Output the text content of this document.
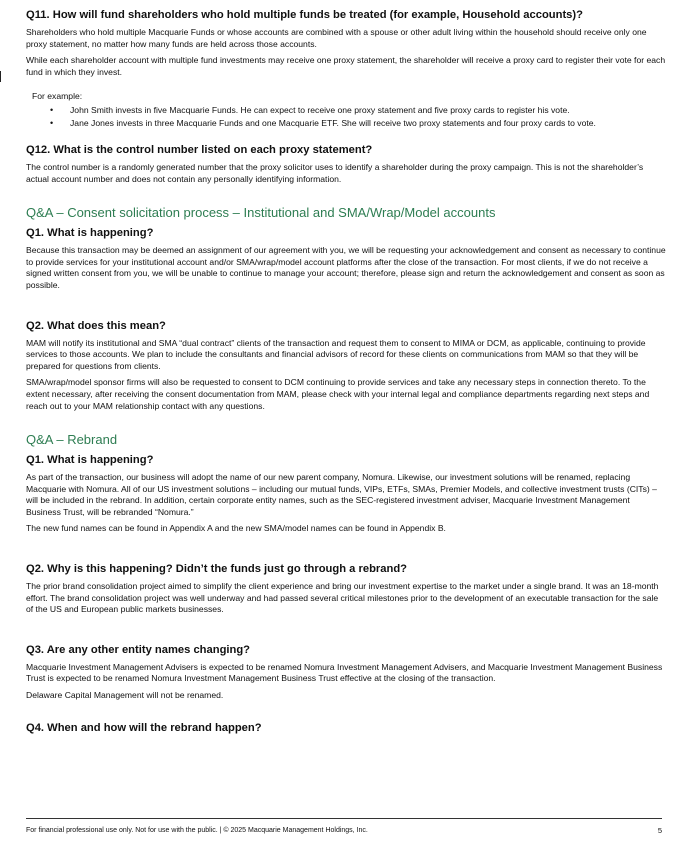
Q11. How will fund shareholders who hold multiple funds be treated (for example, Household accounts)?
Shareholders who hold multiple Macquarie Funds or whose accounts are combined with a spouse or other adult living within the household should receive only one proxy statement, no matter how many funds are held across those accounts.
While each shareholder account with multiple fund investments may receive one proxy statement, the shareholder will receive a proxy card to register their vote for each fund in which they invest.
For example:
• John Smith invests in five Macquarie Funds. He can expect to receive one proxy statement and five proxy cards to register his vote.
• Jane Jones invests in three Macquarie Funds and one Macquarie ETF. She will receive two proxy statements and four proxy cards to vote.
Q12. What is the control number listed on each proxy statement?
The control number is a randomly generated number that the proxy solicitor uses to identify a shareholder during the proxy campaign. This is not the shareholder’s actual account number and does not contain any personally identifying information.
Q&A – Consent solicitation process – Institutional and SMA/Wrap/Model accounts
Q1. What is happening?
Because this transaction may be deemed an assignment of our agreement with you, we will be requesting your acknowledgement and consent as necessary to continue to provide services for your institutional account and/or SMA/wrap/model account platforms after the close of the transaction. For most clients, if we do not receive a signed written consent from you, we will be unable to continue to manage your account; therefore, please sign and return the acknowledgement and consent as soon as possible.
Q2. What does this mean?
MAM will notify its institutional and SMA “dual contract” clients of the transaction and request them to consent to MIMA or DCM, as applicable, continuing to provide services to those accounts. We plan to include the consultants and financial advisors of record for these clients on communications from MAM so that they will be prepared for questions from clients.
SMA/wrap/model sponsor firms will also be requested to consent to DCM continuing to provide services and take any necessary steps in connection thereto. To the extent necessary, after receiving the consent documentation from MAM, please check with your internal legal and compliance departments regarding next steps and reach out to your MAM relationship contact with any questions.
Q&A – Rebrand
Q1. What is happening?
As part of the transaction, our business will adopt the name of our new parent company, Nomura. Likewise, our investment solutions will be renamed, replacing Macquarie with Nomura. All of our US investment solutions – including our mutual funds, VIPs, ETFs, SMAs, Premier Models, and collective investment trusts (CITs) – will be included in the rebrand. In addition, certain corporate entity names, such as the SEC-registered investment adviser, Macquarie Investment Management Business Trust, will be rebranded “Nomura.”
The new fund names can be found in Appendix A and the new SMA/model names can be found in Appendix B.
Q2. Why is this happening? Didn’t the funds just go through a rebrand?
The prior brand consolidation project aimed to simplify the client experience and bring our investment expertise to the market under a single brand. It was an 18-month effort. The brand consolidation project was well underway and had passed several critical milestones prior to the development of an executable transaction for the sale of the US and European public markets businesses.
Q3. Are any other entity names changing?
Macquarie Investment Management Advisers is expected to be renamed Nomura Investment Management Advisers, and Macquarie Investment Management Business Trust is expected to be renamed Nomura Investment Management Business Trust effective at the closing of the transaction.
Delaware Capital Management will not be renamed.
Q4. When and how will the rebrand happen?
For financial professional use only. Not for use with the public. | © 2025 Macquarie Management Holdings, Inc.	5
